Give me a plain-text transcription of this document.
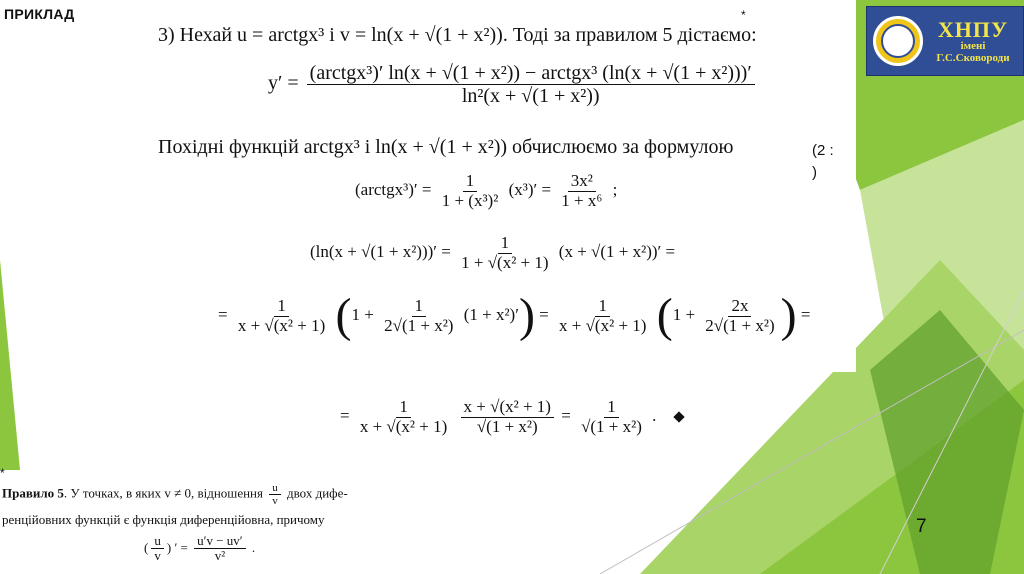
ПРИКЛАД
ХНПУ
імені
Г.С.Сковороди
*
3) Нехай u = arctgx³ і v = ln(x + √(1 + x²)). Тоді за правилом 5 дістаємо:
$y' = \frac{\text{(arctgx³)′ ln(x + √(1 + x²)) − arctgx³ (ln(x + √(1 + x²)))′}}{\text{ln²(x + √(1 + x²))}}$
Похідні функцій arctgx³ і ln(x + √(1 + x²)) обчислюємо за формулою	(2 :
)
(arctgx³)′ = $\frac{1}{\text{1 + (x³)²}} (x^3)' = \frac{\text{3x²}}{\text{1 + x⁶}}$ ;
$(\ln(x + √(1 + x^2)))' = \frac{1}{\text{1 + √(x² + 1)}} (x + √(1 + x^2))'$ =
= $\frac{1}{\text{x + √(x² + 1)}} (1 + \frac{1}{\text{2√(1 + x²)}} (1 + x^2)') = \frac{1}{\text{x + √(x² + 1)}} (1 + \frac{2x}{\text{2√(1 + x²)}}$ ) =
= $\frac{1}{\text{x + √(x² + 1)}}$
$\frac{\text{x + √(x² + 1)}}{\text{√(1 + x²)}} = \frac{1}{\text{√(1 + x²)}}$ .
*
Правило 5. У точках, в яких v ≠ 0, відношення $\frac{u}{v}$ двох дифе-
ренційовних функцій є функція диференційовна, причому
( $\frac{u}{v}$ ) ′ = $\frac{u'v - uv'}{\text{v²}}$ .
7
